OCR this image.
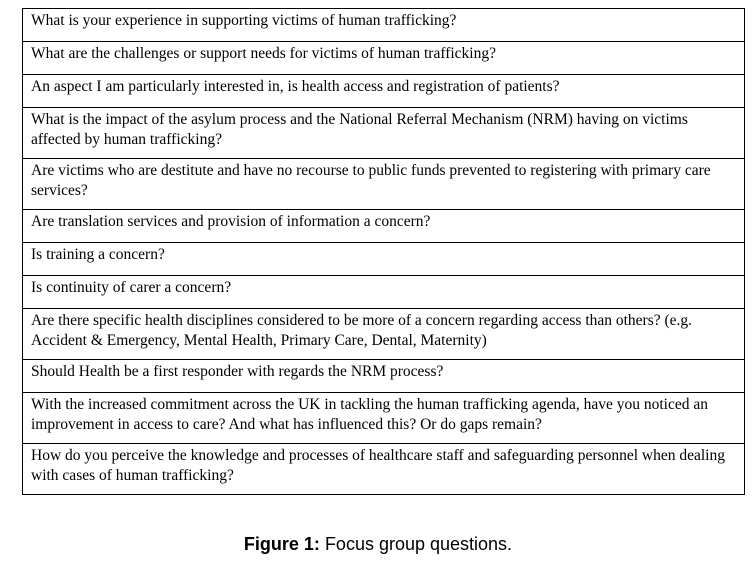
What is your experience in supporting victims of human trafficking?
What are the challenges or support needs for victims of human trafficking?
An aspect I am particularly interested in, is health access and registration of patients?
What is the impact of the asylum process and the National Referral Mechanism (NRM) having on victims affected by human trafficking?
Are victims who are destitute and have no recourse to public funds prevented to registering with primary care services?
Are translation services and provision of information a concern?
Is training a concern?
Is continuity of carer a concern?
Are there specific health disciplines considered to be more of a concern regarding access than others? (e.g. Accident & Emergency, Mental Health, Primary Care, Dental, Maternity)
Should Health be a first responder with regards the NRM process?
With the increased commitment across the UK in tackling the human trafficking agenda, have you noticed an improvement in access to care? And what has influenced this? Or do gaps remain?
How do you perceive the knowledge and processes of healthcare staff and safeguarding personnel when dealing with cases of human trafficking?
Figure 1: Focus group questions.
